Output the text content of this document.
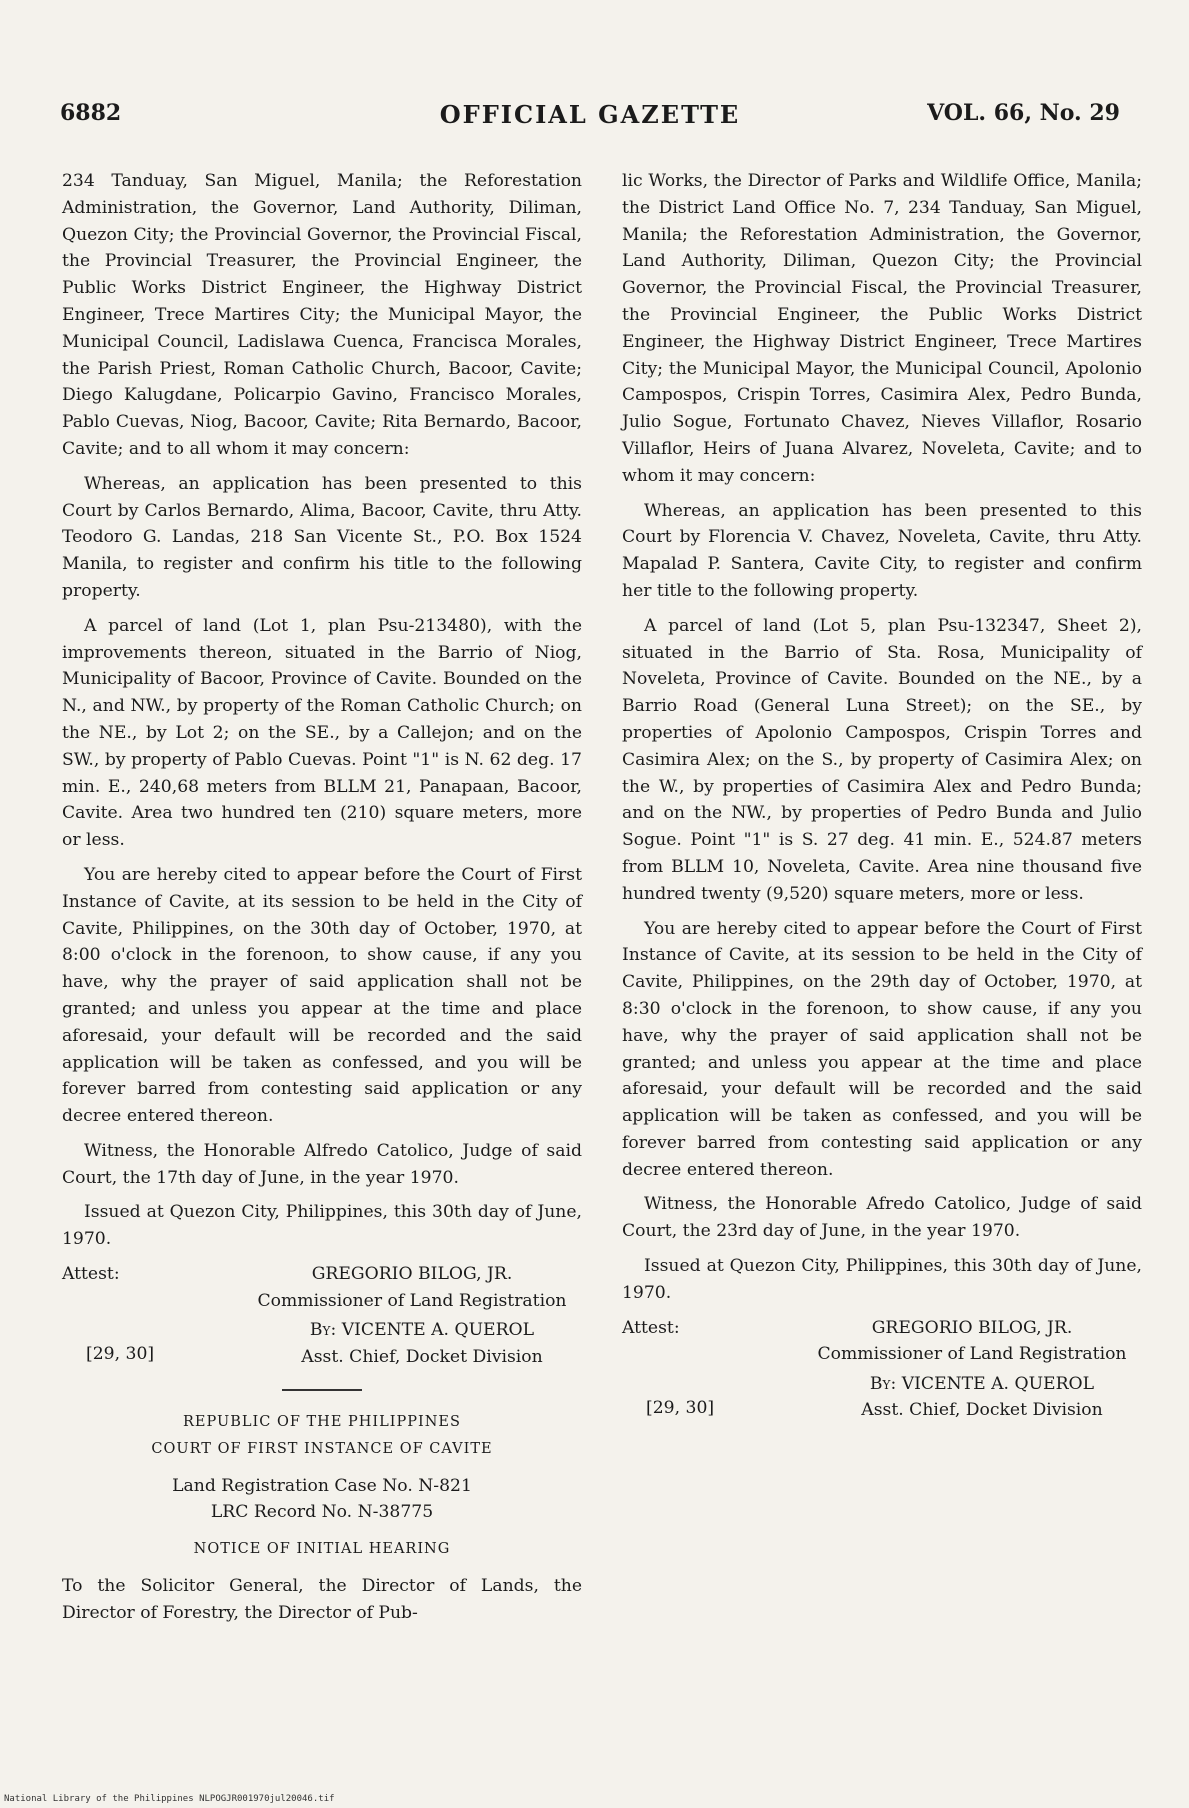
6882	OFFICIAL GAZETTE	VOL. 66, No. 29

234 Tanduay, San Miguel, Manila; the Reforestation Administration, the Governor, Land Authority, Diliman, Quezon City; the Provincial Governor, the Provincial Fiscal, the Provincial Treasurer, the Provincial Engineer, the Public Works District Engineer, the Highway District Engineer, Trece Martires City; the Municipal Mayor, the Municipal Council, Ladislawa Cuenca, Francisca Morales, the Parish Priest, Roman Catholic Church, Bacoor, Cavite; Diego Kalugdane, Policarpio Gavino, Francisco Morales, Pablo Cuevas, Niog, Bacoor, Cavite; Rita Bernardo, Bacoor, Cavite; and to all whom it may concern:

Whereas, an application has been presented to this Court by Carlos Bernardo, Alima, Bacoor, Cavite, thru Atty. Teodoro G. Landas, 218 San Vicente St., P.O. Box 1524 Manila, to register and confirm his title to the following property.

A parcel of land (Lot 1, plan Psu-213480), with the improvements thereon, situated in the Barrio of Niog, Municipality of Bacoor, Province of Cavite. Bounded on the N., and NW., by property of the Roman Catholic Church; on the NE., by Lot 2; on the SE., by a Callejon; and on the SW., by property of Pablo Cuevas. Point "1" is N. 62 deg. 17 min. E., 240,68 meters from BLLM 21, Panapaan, Bacoor, Cavite. Area two hundred ten (210) square meters, more or less.

You are hereby cited to appear before the Court of First Instance of Cavite, at its session to be held in the City of Cavite, Philippines, on the 30th day of October, 1970, at 8:00 o'clock in the forenoon, to show cause, if any you have, why the prayer of said application shall not be granted; and unless you appear at the time and place aforesaid, your default will be recorded and the said application will be taken as confessed, and you will be forever barred from contesting said application or any decree entered thereon.

Witness, the Honorable Alfredo Catolico, Judge of said Court, the 17th day of June, in the year 1970.

Issued at Quezon City, Philippines, this 30th day of June, 1970.

Attest:	GREGORIO BILOG, JR.
Commissioner of Land Registration
By: VICENTE A. QUEROL
Asst. Chief, Docket Division
[29, 30]

REPUBLIC OF THE PHILIPPINES

COURT OF FIRST INSTANCE OF CAVITE

Land Registration Case No. N-821

LRC Record No. N-38775

NOTICE OF INITIAL HEARING

To the Solicitor General, the Director of Lands, the Director of Forestry, the Director of Pub-

lic Works, the Director of Parks and Wildlife Office, Manila; the District Land Office No. 7, 234 Tanduay, San Miguel, Manila; the Reforestation Administration, the Governor, Land Authority, Diliman, Quezon City; the Provincial Governor, the Provincial Fiscal, the Provincial Treasurer, the Provincial Engineer, the Public Works District Engineer, the Highway District Engineer, Trece Martires City; the Municipal Mayor, the Municipal Council, Apolonio Campospos, Crispin Torres, Casimira Alex, Pedro Bunda, Julio Sogue, Fortunato Chavez, Nieves Villaflor, Rosario Villaflor, Heirs of Juana Alvarez, Noveleta, Cavite; and to whom it may concern:

Whereas, an application has been presented to this Court by Florencia V. Chavez, Noveleta, Cavite, thru Atty. Mapalad P. Santera, Cavite City, to register and confirm her title to the following property.

A parcel of land (Lot 5, plan Psu-132347, Sheet 2), situated in the Barrio of Sta. Rosa, Municipality of Noveleta, Province of Cavite. Bounded on the NE., by a Barrio Road (General Luna Street); on the SE., by properties of Apolonio Campospos, Crispin Torres and Casimira Alex; on the S., by property of Casimira Alex; on the W., by properties of Casimira Alex and Pedro Bunda; and on the NW., by properties of Pedro Bunda and Julio Sogue. Point "1" is S. 27 deg. 41 min. E., 524.87 meters from BLLM 10, Noveleta, Cavite. Area nine thousand five hundred twenty (9,520) square meters, more or less.

You are hereby cited to appear before the Court of First Instance of Cavite, at its session to be held in the City of Cavite, Philippines, on the 29th day of October, 1970, at 8:30 o'clock in the forenoon, to show cause, if any you have, why the prayer of said application shall not be granted; and unless you appear at the time and place aforesaid, your default will be recorded and the said application will be taken as confessed, and you will be forever barred from contesting said application or any decree entered thereon.

Witness, the Honorable Afredo Catolico, Judge of said Court, the 23rd day of June, in the year 1970.

Issued at Quezon City, Philippines, this 30th day of June, 1970.

Attest:	GREGORIO BILOG, JR.
Commissioner of Land Registration
By: VICENTE A. QUEROL
Asst. Chief, Docket Division
[29, 30]
National Library of the Philippines NLPOGJR001970jul20046.tif
